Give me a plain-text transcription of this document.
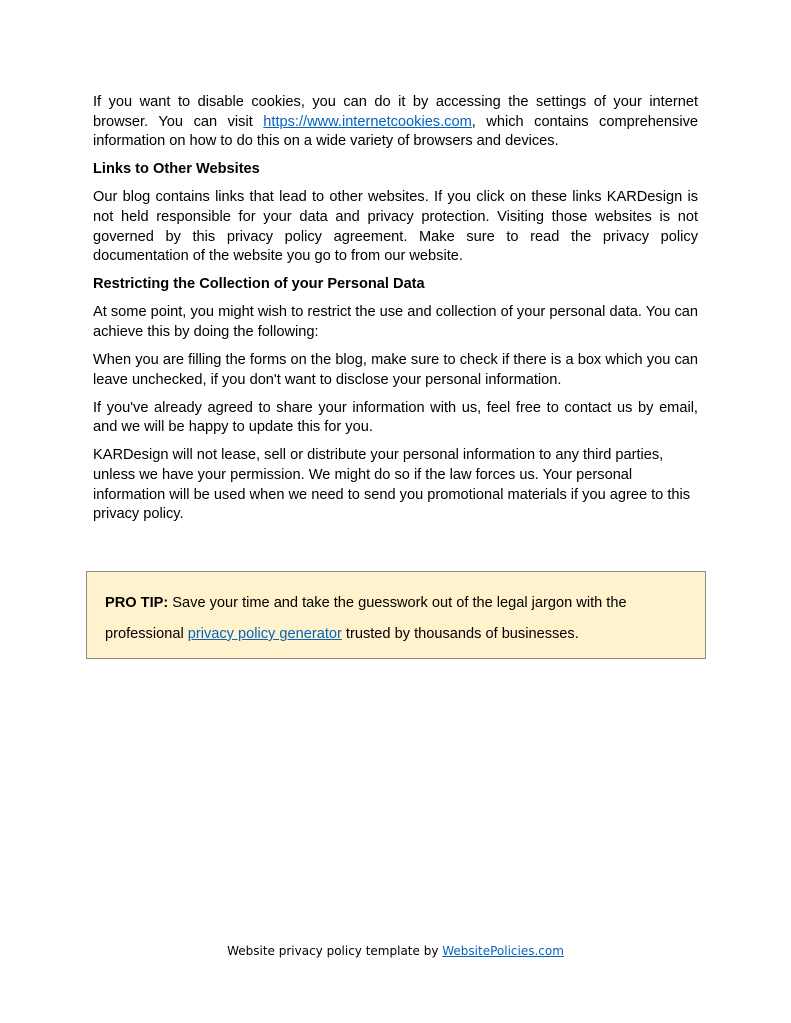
If you want to disable cookies, you can do it by accessing the settings of your internet browser. You can visit https://www.internetcookies.com, which contains comprehensive information on how to do this on a wide variety of browsers and devices.

Links to Other Websites

Our blog contains links that lead to other websites. If you click on these links KARDesign is not held responsible for your data and privacy protection. Visiting those websites is not governed by this privacy policy agreement. Make sure to read the privacy policy documentation of the website you go to from our website.

Restricting the Collection of your Personal Data

At some point, you might wish to restrict the use and collection of your personal data. You can achieve this by doing the following:

When you are filling the forms on the blog, make sure to check if there is a box which you can leave unchecked, if you don't want to disclose your personal information.

If you've already agreed to share your information with us, feel free to contact us by email, and we will be happy to update this for you.

KARDesign will not lease, sell or distribute your personal information to any third parties, unless we have your permission. We might do so if the law forces us. Your personal information will be used when we need to send you promotional materials if you agree to this privacy policy.

PRO TIP: Save your time and take the guesswork out of the legal jargon with the professional privacy policy generator trusted by thousands of businesses.
Website privacy policy template by WebsitePolicies.com
